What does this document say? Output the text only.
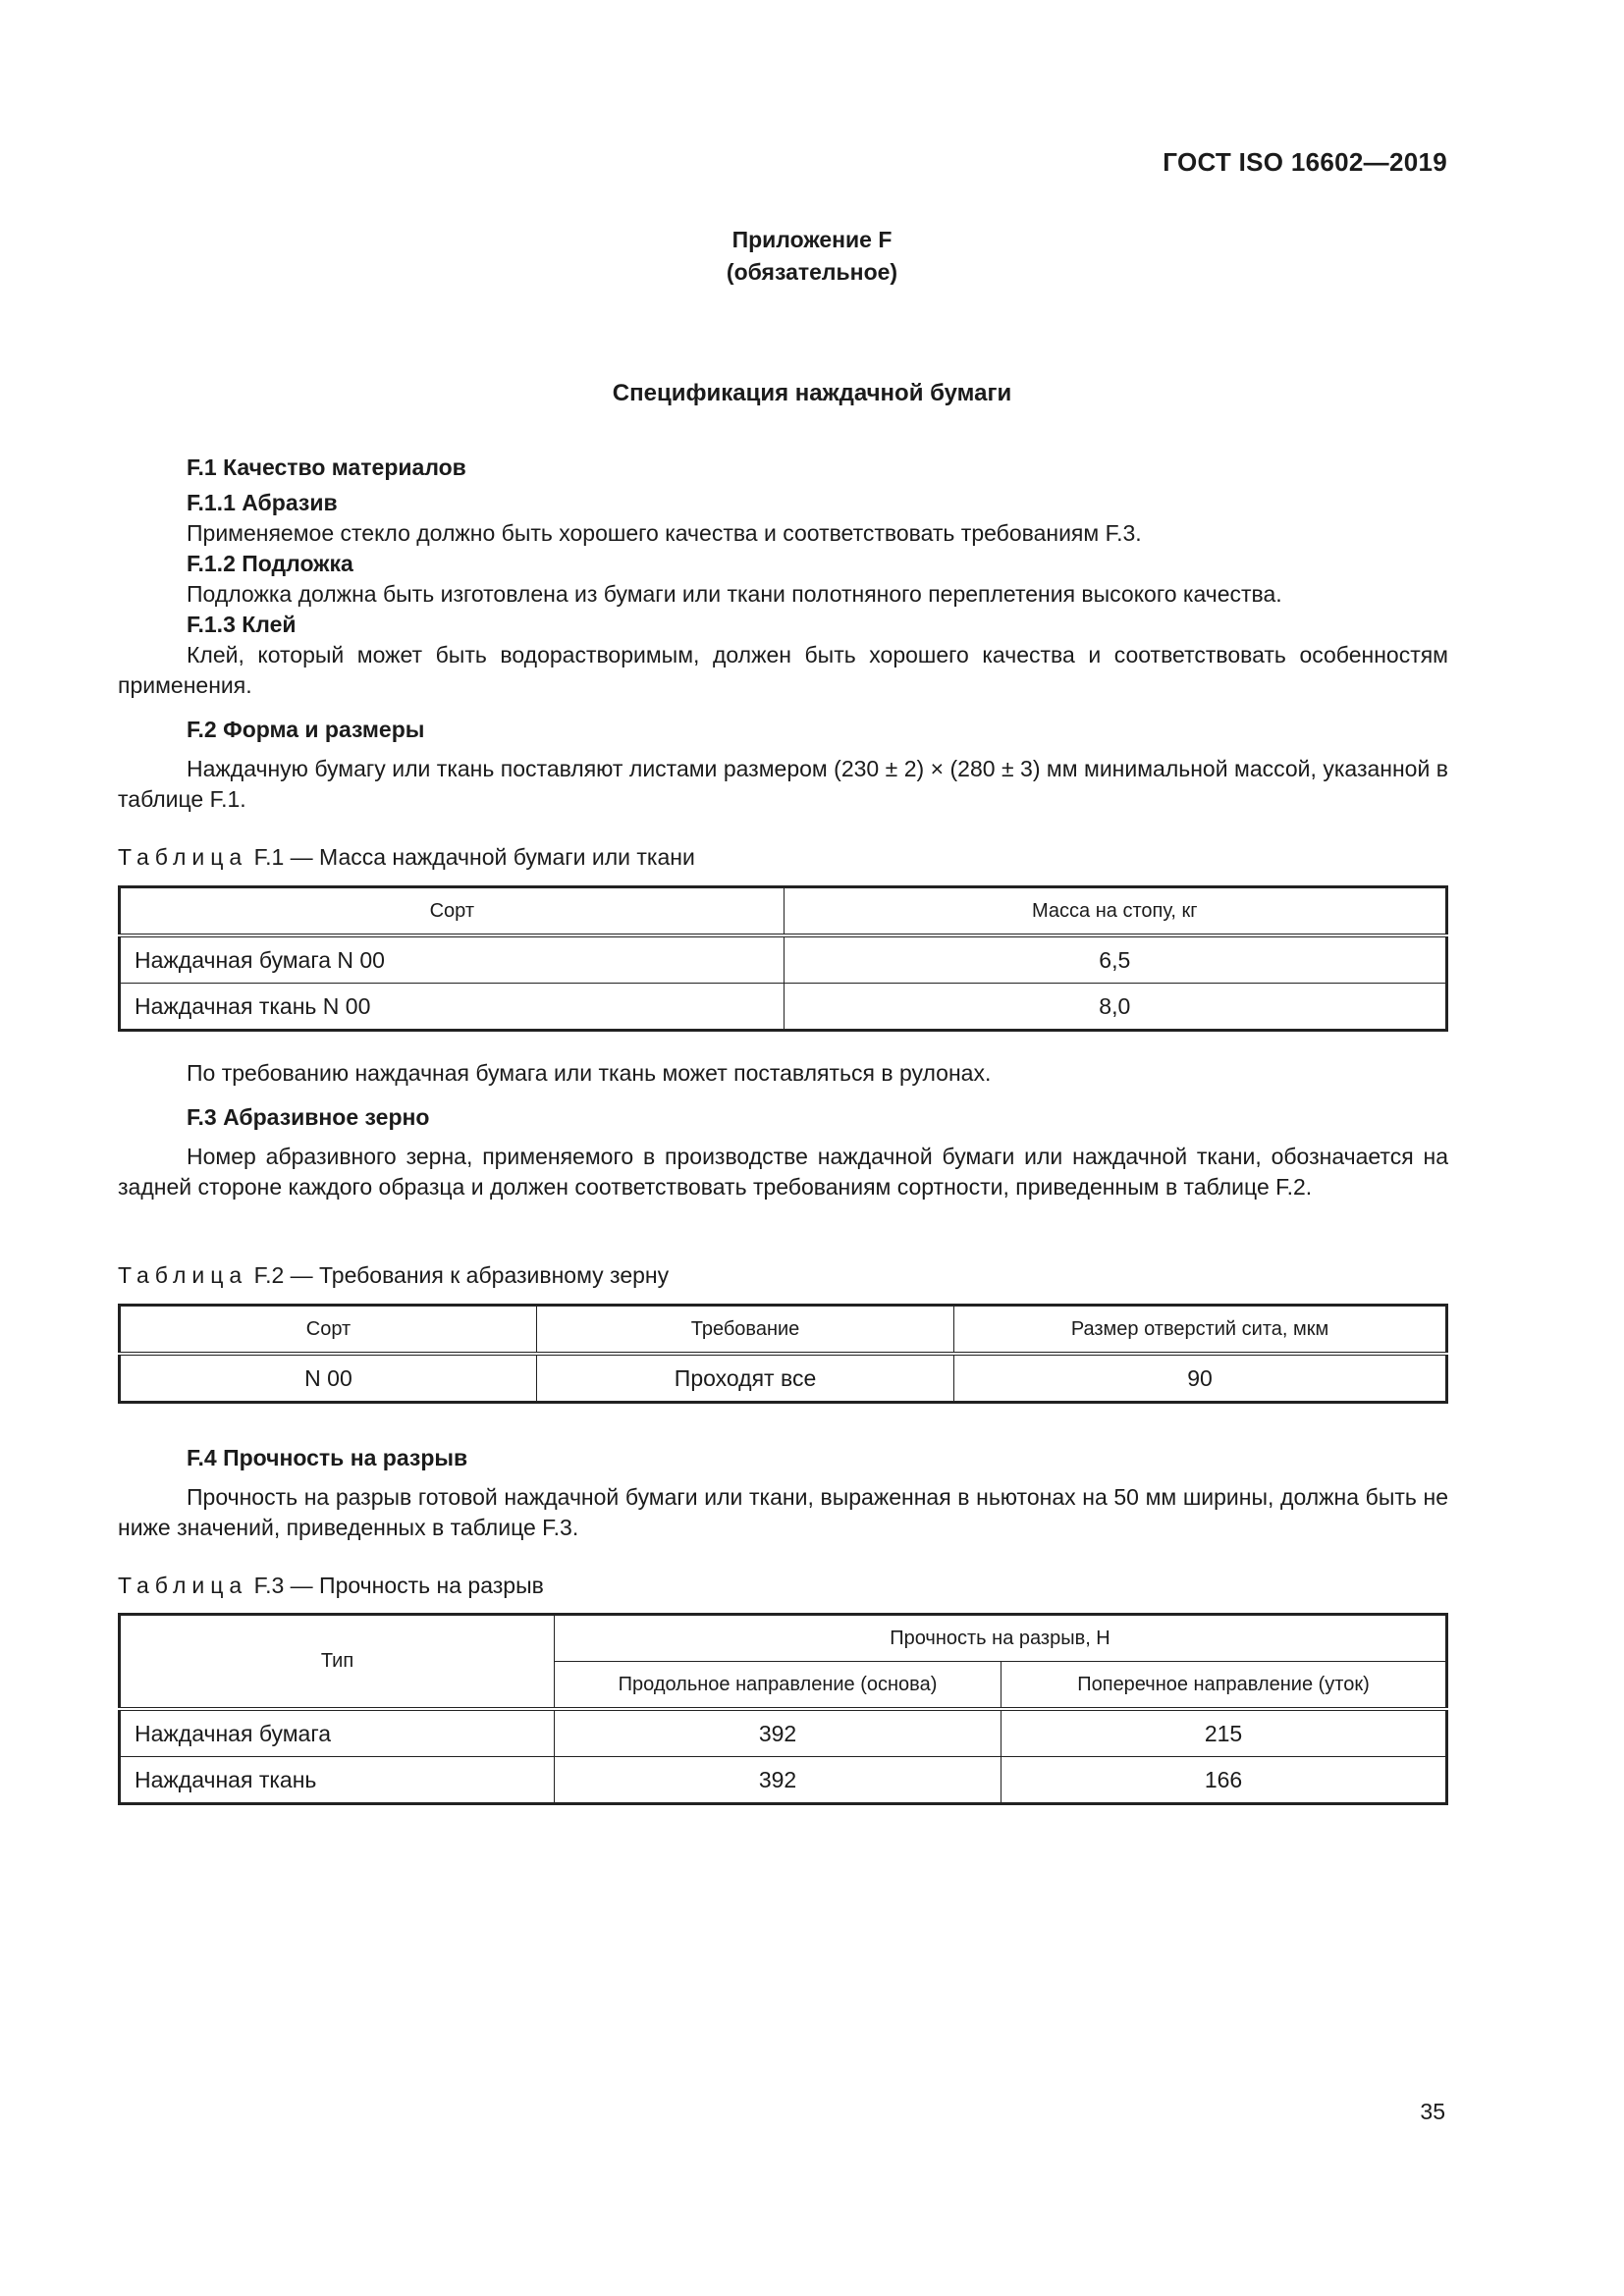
ГОСТ ISO 16602—2019
Приложение F
(обязательное)
Спецификация наждачной бумаги

F.1 Качество материалов

F.1.1 Абразив

Применяемое стекло должно быть хорошего качества и соответствовать требованиям F.3.

F.1.2 Подложка

Подложка должна быть изготовлена из бумаги или ткани полотняного переплетения высокого качества.

F.1.3 Клей

Клей, который может быть водорастворимым, должен быть хорошего качества и соответствовать особенностям применения.

F.2 Форма и размеры

Наждачную бумагу или ткань поставляют листами размером (230 ± 2) × (280 ± 3) мм минимальной массой, указанной в таблице F.1.

Таблица F.1 — Масса наждачной бумаги или ткани

Сорт	Масса на стопу, кг
Наждачная бумага N 00	6,5
Наждачная ткань N 00	8,0

По требованию наждачная бумага или ткань может поставляться в рулонах.

F.3 Абразивное зерно

Номер абразивного зерна, применяемого в производстве наждачной бумаги или наждачной ткани, обозначается на задней стороне каждого образца и должен соответствовать требованиям сортности, приведенным в таблице F.2.

Таблица F.2 — Требования к абразивному зерну

Сорт	Требование	Размер отверстий сита, мкм
N 00	Проходят все	90

F.4 Прочность на разрыв

Прочность на разрыв готовой наждачной бумаги или ткани, выраженная в ньютонах на 50 мм ширины, должна быть не ниже значений, приведенных в таблице F.3.

Таблица F.3 — Прочность на разрыв

Тип	Прочность на разрыв, Н	
	Продольное направление (основа)	Поперечное направление (уток)
Наждачная бумага	392	215
Наждачная ткань	392	166
35
